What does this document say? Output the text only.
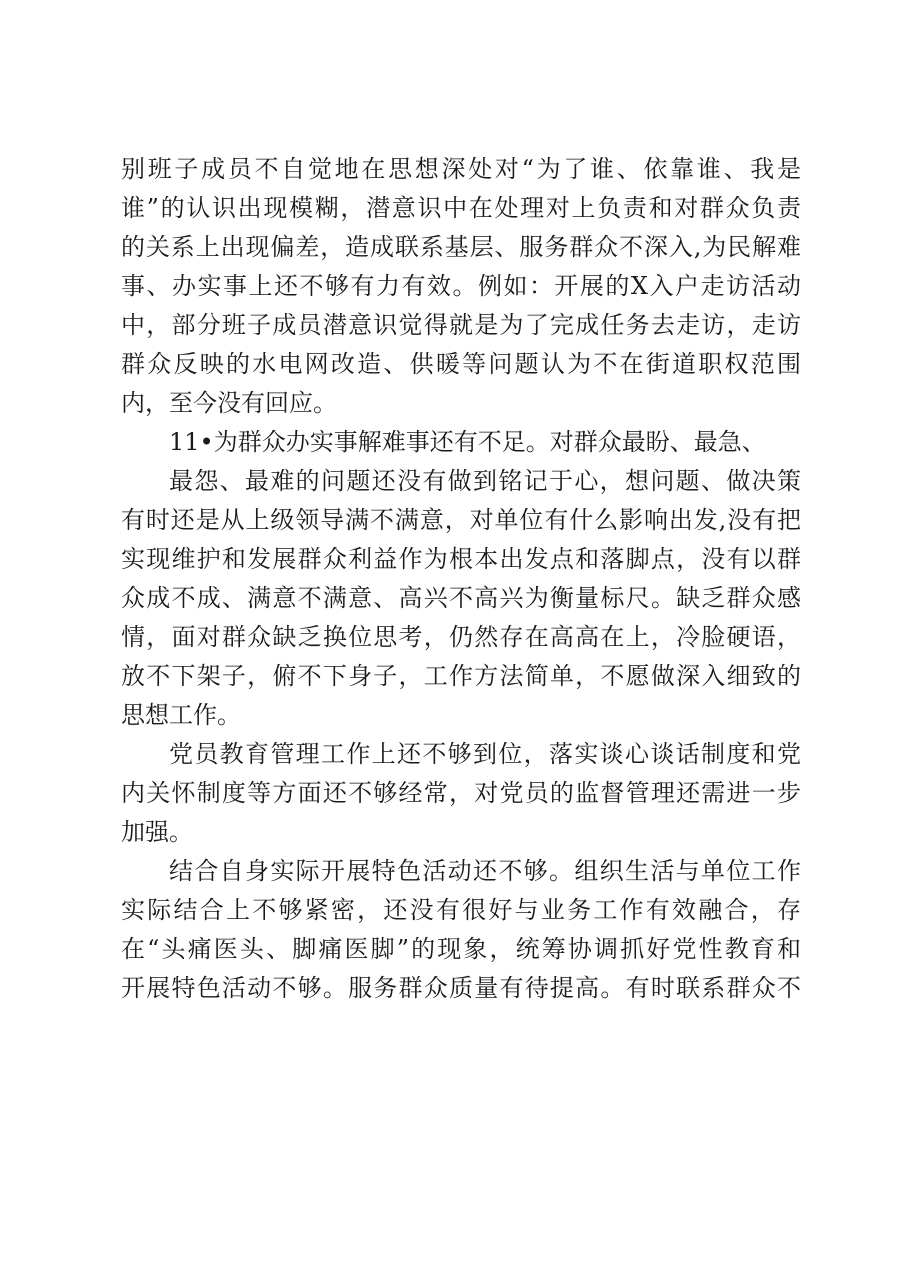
别班子成员不自觉地在思想深处对“为了谁、依靠谁、我是
谁”的认识出现模糊，潜意识中在处理对上负责和对群众负责
的关系上出现偏差，造成联系基层、服务群众不深入,为民解难
事、办实事上还不够有力有效。例如：开展的X入户走访活动
中，部分班子成员潜意识觉得就是为了完成任务去走访，走访
群众反映的水电网改造、供暖等问题认为不在街道职权范围
内，至今没有回应。
11•为群众办实事解难事还有不足。对群众最盼、最急、
最怨、最难的问题还没有做到铭记于心，想问题、做决策
有时还是从上级领导满不满意，对单位有什么影响出发,没有把
实现维护和发展群众利益作为根本出发点和落脚点，没有以群
众成不成、满意不满意、高兴不高兴为衡量标尺。缺乏群众感
情，面对群众缺乏换位思考，仍然存在高高在上，冷脸硬语，
放不下架子，俯不下身子，工作方法简单，不愿做深入细致的
思想工作。
党员教育管理工作上还不够到位，落实谈心谈话制度和党
内关怀制度等方面还不够经常，对党员的监督管理还需进一步
加强。
结合自身实际开展特色活动还不够。组织生活与单位工作
实际结合上不够紧密，还没有很好与业务工作有效融合，存
在“头痛医头、脚痛医脚”的现象，统筹协调抓好党性教育和
开展特色活动不够。服务群众质量有待提高。有时联系群众不
